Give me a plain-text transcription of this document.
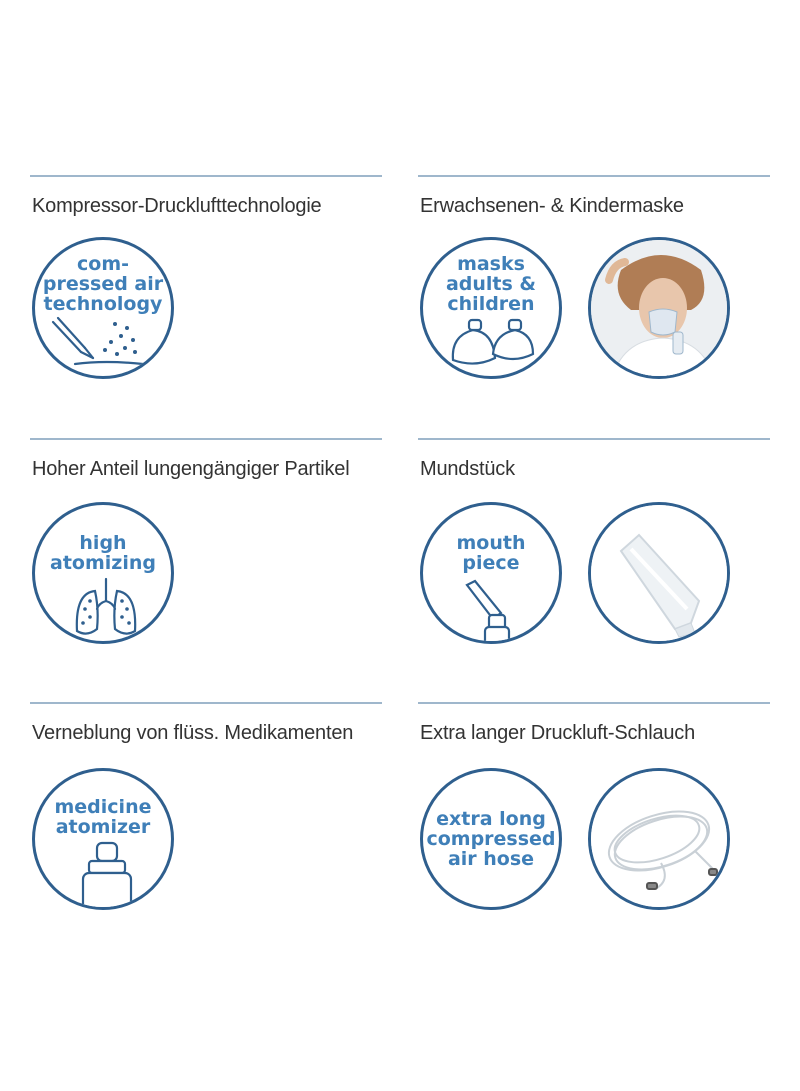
Kompressor-Drucklufttechnologie
com-
pressed air
technology
Erwachsenen- & Kindermaske
masks
adults &
children
Hoher Anteil lungengängiger Partikel
high
atomizing
Mundstück
mouth
piece
Verneblung von flüss. Medikamenten
medicine
atomizer
Extra langer Druckluft-Schlauch
extra long
compressed
air hose
